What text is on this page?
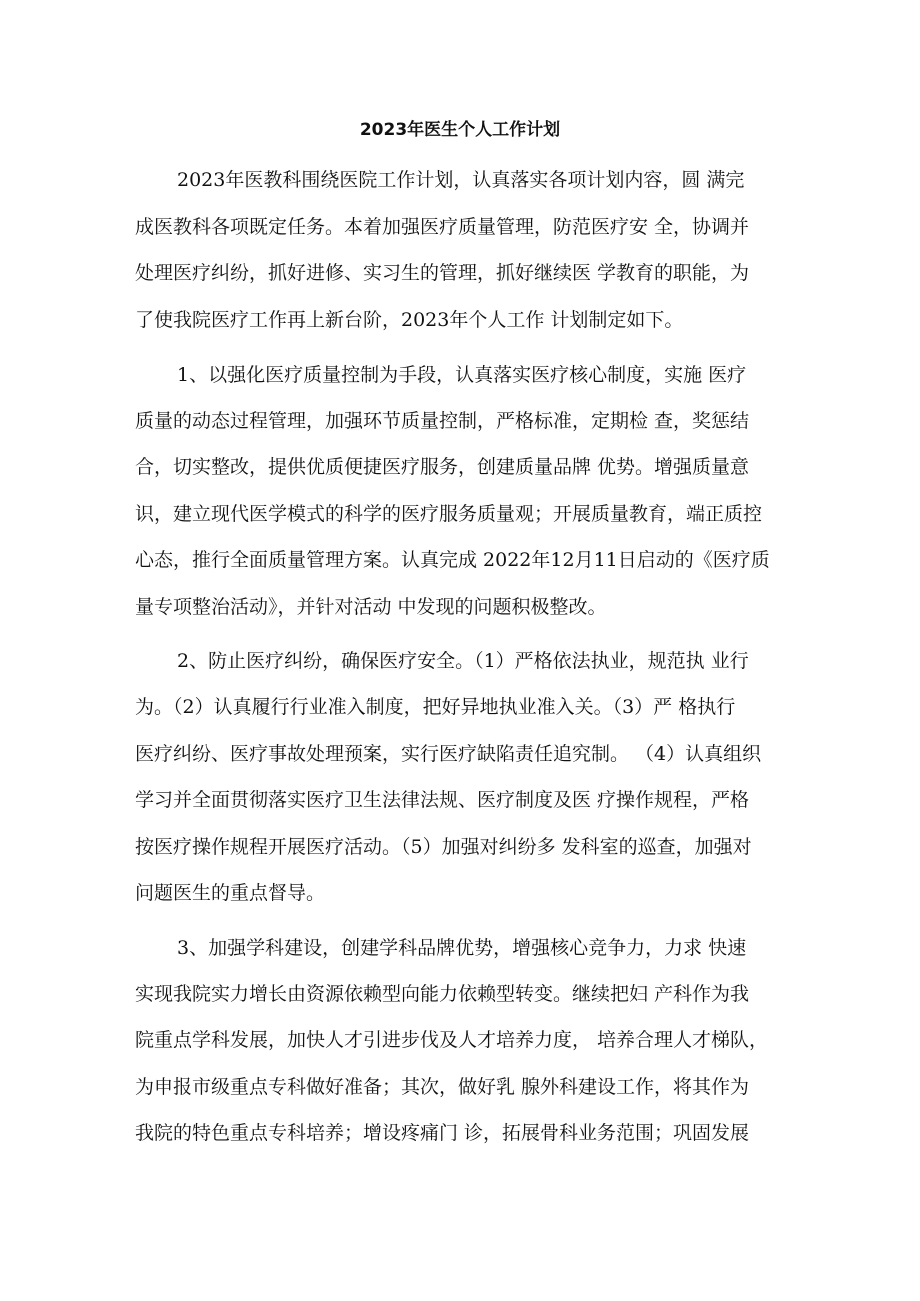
2023年医生个人工作计划
2023年医教科围绕医院工作计划，认真落实各项计划内容，圆 满完
成医教科各项既定任务。本着加强医疗质量管理，防范医疗安 全，协调并
处理医疗纠纷，抓好进修、实习生的管理，抓好继续医 学教育的职能，为
了使我院医疗工作再上新台阶，2023年个人工作 计划制定如下。
1、以强化医疗质量控制为手段，认真落实医疗核心制度，实施 医疗
质量的动态过程管理，加强环节质量控制，严格标准，定期检 查，奖惩结
合，切实整改，提供优质便捷医疗服务，创建质量品牌 优势。增强质量意
识，建立现代医学模式的科学的医疗服务质量观；开展质量教育，端正质控
心态，推行全面质量管理方案。认真完成 2022年12月11日启动的《医疗质
量专项整治活动》，并针对活动 中发现的问题积极整改。
2、防止医疗纠纷，确保医疗安全。（1）严格依法执业，规范执 业行
为。（2）认真履行行业准入制度，把好异地执业准入关。（3）严 格执行
医疗纠纷、医疗事故处理预案，实行医疗缺陷责任追究制。 （4）认真组织
学习并全面贯彻落实医疗卫生法律法规、医疗制度及医 疗操作规程，严格
按医疗操作规程开展医疗活动。（5）加强对纠纷多 发科室的巡查，加强对
问题医生的重点督导。
3、加强学科建设，创建学科品牌优势，增强核心竞争力，力求 快速
实现我院实力增长由资源依赖型向能力依赖型转变。继续把妇 产科作为我
院重点学科发展，加快人才引进步伐及人才培养力度， 培养合理人才梯队，
为申报市级重点专科做好准备；其次，做好乳 腺外科建设工作，将其作为
我院的特色重点专科培养；增设疼痛门 诊，拓展骨科业务范围；巩固发展
